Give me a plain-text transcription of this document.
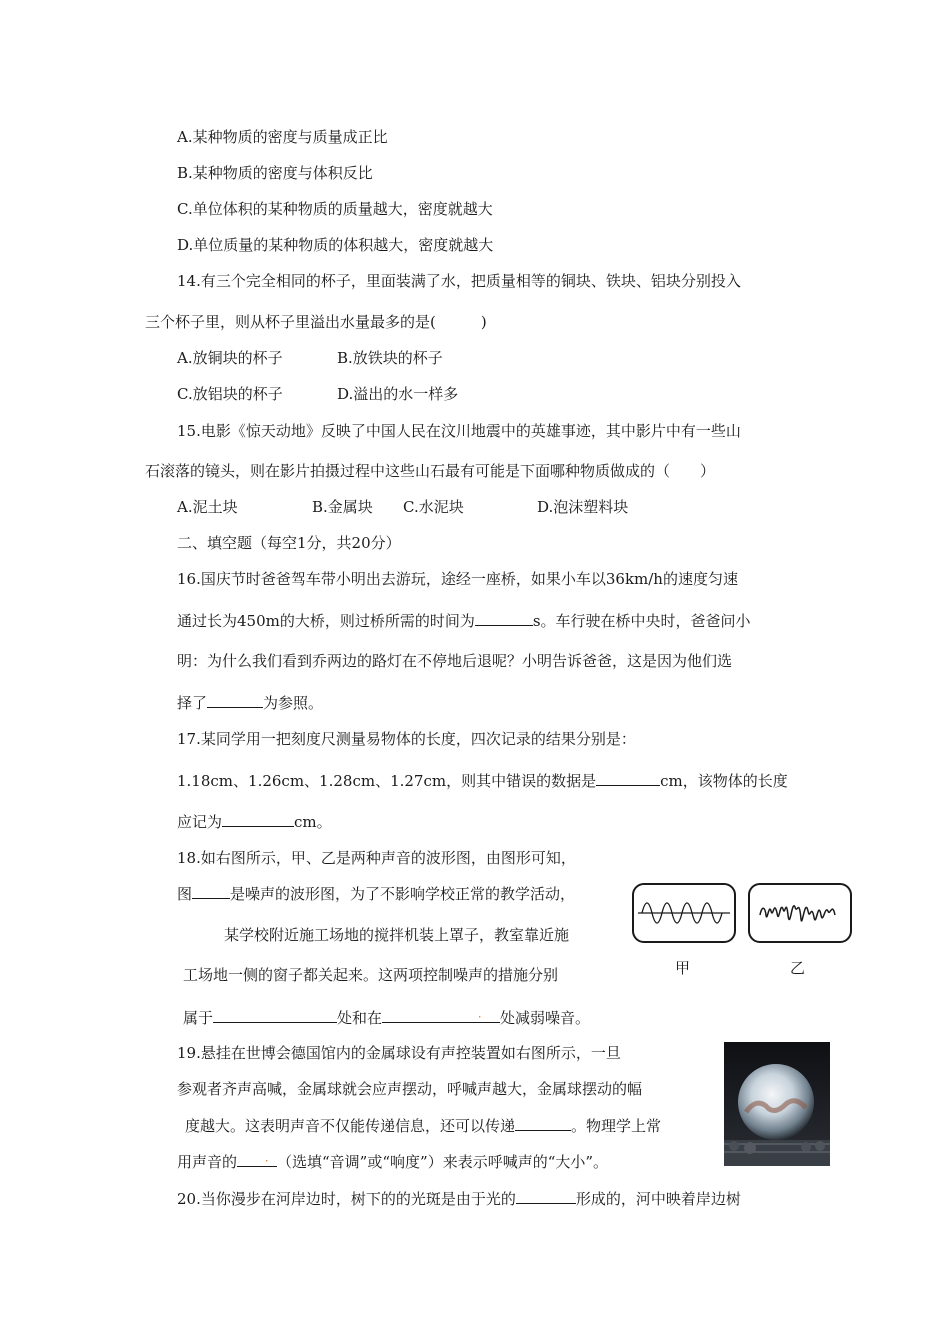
A.某种物质的密度与质量成正比
B.某种物质的密度与体积反比
C.单位体积的某种物质的质量越大，密度就越大
D.单位质量的某种物质的体积越大，密度就越大
14.有三个完全相同的杯子，里面装满了水，把质量相等的铜块、铁块、铝块分别投入
三个杯子里，则从杯子里溢出水量最多的是(　　　)
A.放铜块的杯子	B.放铁块的杯子
C.放铝块的杯子	D.溢出的水一样多
15.电影《惊天动地》反映了中国人民在汶川地震中的英雄事迹，其中影片中有一些山
石滚落的镜头，则在影片拍摄过程中这些山石最有可能是下面哪种物质做成的（　　）
A.泥土块	B.金属块 C.水泥块	D.泡沫塑料块
二、填空题（每空1分，共20分）
16.国庆节时爸爸驾车带小明出去游玩，途经一座桥，如果小车以36km/h的速度匀速
通过长为450m的大桥，则过桥所需的时间为	s。车行驶在桥中央时，爸爸问小
明：为什么我们看到乔两边的路灯在不停地后退呢？小明告诉爸爸，这是因为他们选
择了	为参照。
17.某同学用一把刻度尺测量易物体的长度，四次记录的结果分别是：
1.18cm、1.26cm、1.28cm、1.27cm，则其中错误的数据是	cm，该物体的长度
应记为	cm。
18.如右图所示，甲、乙是两种声音的波形图，由图形可知，
图	是噪声的波形图，为了不影响学校正常的教学活动，
某学校附近施工场地的搅拌机装上罩子，教室靠近施
工场地一侧的窗子都关起来。这两项控制噪声的措施分别
属于	处和在	． 处减弱噪音。
甲	乙
19.悬挂在世博会德国馆内的金属球设有声控装置如右图所示，一旦
参观者齐声高喊，金属球就会应声摆动，呼喊声越大，金属球摆动的幅
度越大。这表明声音不仅能传递信息，还可以传递	。物理学上常
用声音的	． （选填“音调”或“响度”）来表示呼喊声的“大小”。
20.当你漫步在河岸边时，树下的的光斑是由于光的	形成的，河中映着岸边树
